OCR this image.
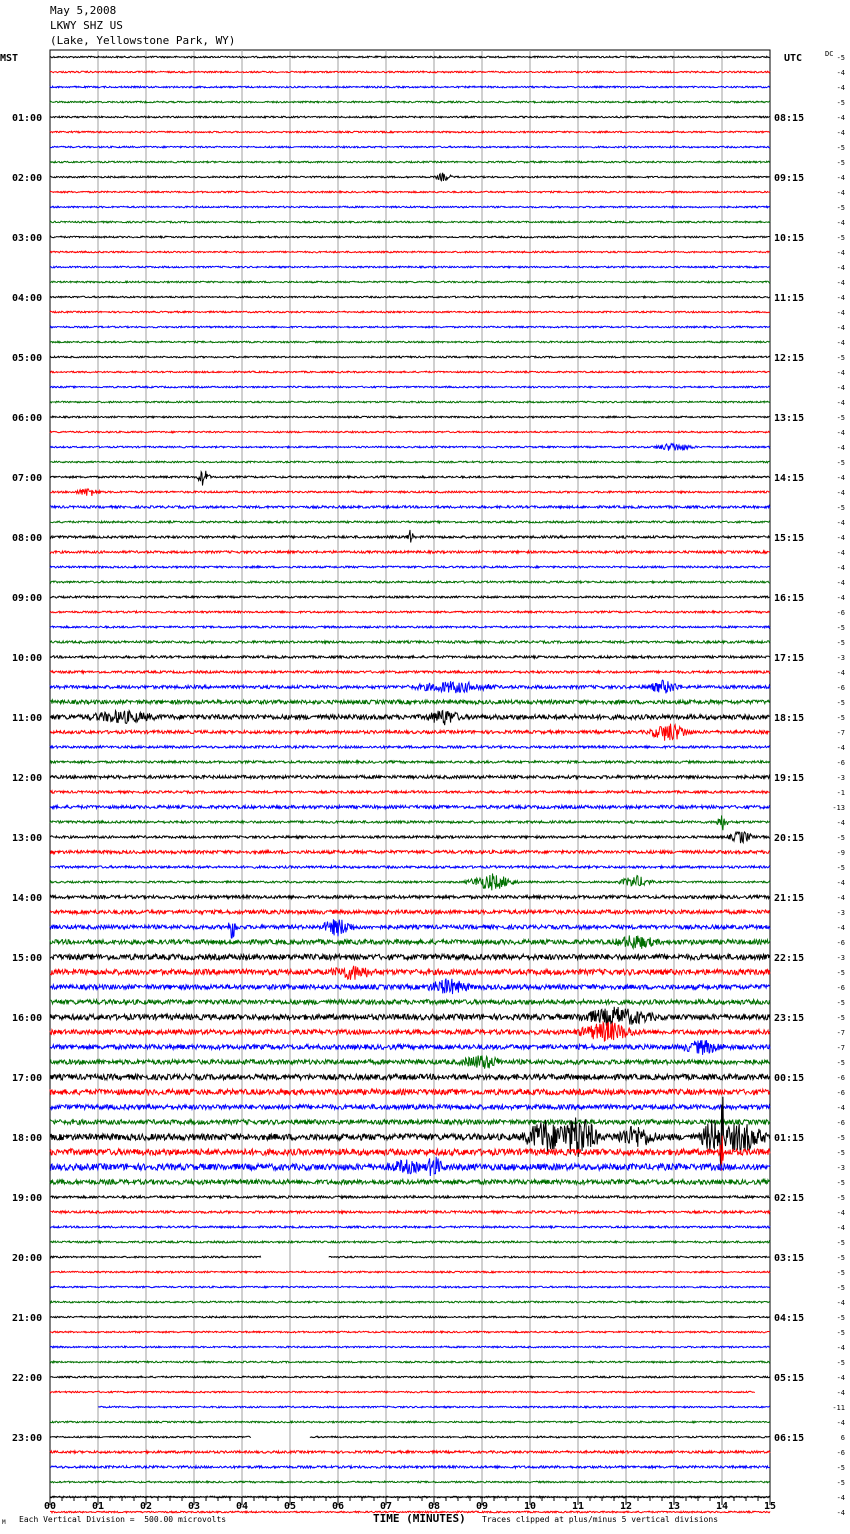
May 5,2008
LKWY SHZ US
(Lake, Yellowstone Park, WY)
00	01	02	03	04	05	06	07	08	09	10	11	12	13	14	15
MST	UTC	DC
01:00
02:00
03:00
04:00
05:00
06:00
07:00
08:00
09:00
10:00
11:00
12:00
13:00
14:00
15:00
16:00
17:00
18:00
19:00
20:00
21:00
22:00
23:00
08:15
09:15
10:15
11:15
12:15
13:15
14:15
15:15
16:15
17:15
18:15
19:15
20:15
21:15
22:15
23:15
00:15
01:15
02:15
03:15
04:15
05:15
06:15
-5
-4
-4
-5
-4
-4
-5
-5
-4
-4
-5
-4
-5
-4
-4
-4
-4
-4
-4
-4
-5
-4
-4
-4
-5
-4
-4
-5
-4
-4
-5
-4
-4
-4
-4
-4
-4
-6
-5
-5
-3
-4
-6
-5
-5
-7
-4
-6
-3
-1
-13
-4
-5
-9
-5
-4
-4
-3
-4
-6
-3
-5
-6
-5
-5
-7
-7
-5
-6
-6
-4
-6
-5
-5
-3
-5
-5
-4
-4
-5
-5
-5
-5
-4
-5
-5
-4
-5
-4
-4
-11
-4
6
-6
-5
-5
-4
-4
TIME (MINUTES)
Each Vertical Division =  500.00 microvolts	Traces clipped at plus/minus 5 vertical divisions
M
